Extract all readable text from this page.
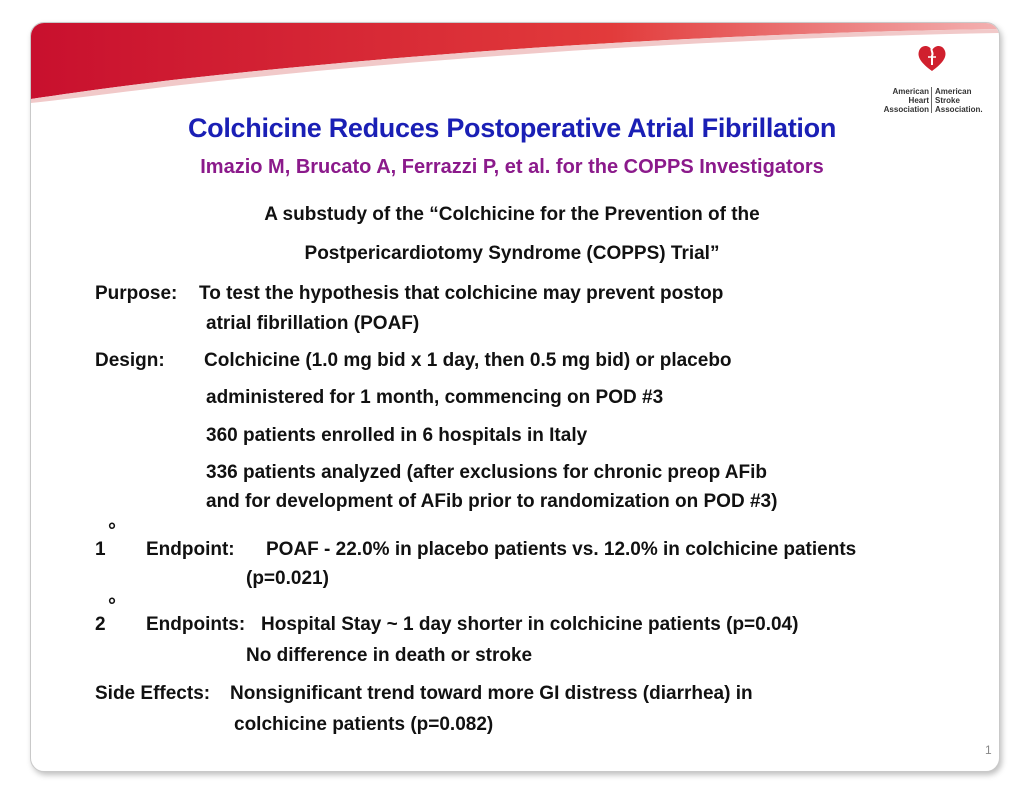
American
Heart
Association
American
Stroke
Association.
Colchicine Reduces Postoperative Atrial Fibrillation
Imazio M, Brucato A, Ferrazzi P, et al. for the COPPS Investigators
A substudy of the “Colchicine for the Prevention of the
Postpericardiotomy Syndrome (COPPS) Trial”
Purpose: To test the hypothesis that colchicine may prevent postop
atrial fibrillation (POAF)
Design: Colchicine (1.0 mg bid x 1 day, then 0.5 mg bid) or placebo
administered for 1 month, commencing on POD #3
360 patients enrolled in 6 hospitals in Italy
336 patients analyzed (after exclusions for chronic preop AFib
and for development of AFib prior to randomization on POD #3)
1
°
Endpoint: POAF - 22.0% in placebo patients vs. 12.0% in colchicine patients
(p=0.021)
2
°
Endpoints: Hospital Stay ~ 1 day shorter in colchicine patients (p=0.04)
No difference in death or stroke
Side Effects: Nonsignificant trend toward more GI distress (diarrhea) in
colchicine patients (p=0.082)
1
